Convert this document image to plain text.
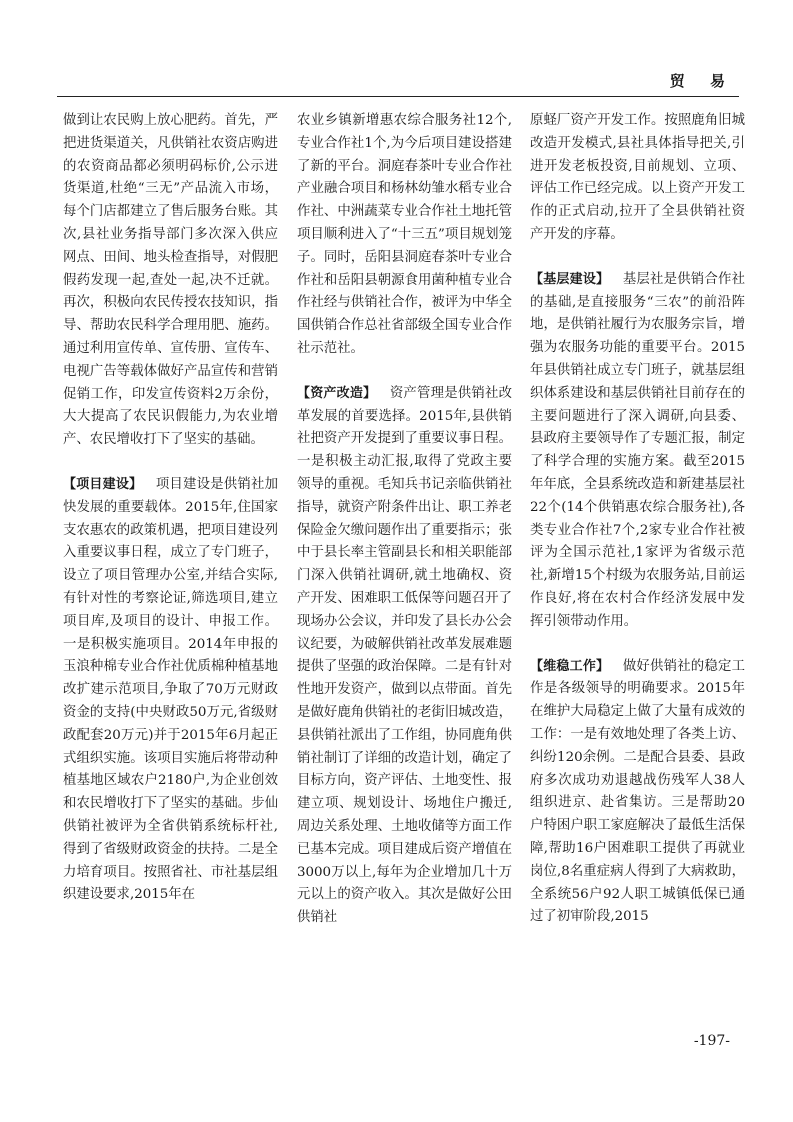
贸 易

做到让农民购上放心肥药。首先，严把进货渠道关，凡供销社农资店购进的农资商品都必须明码标价,公示进货渠道,杜绝“三无”产品流入市场，每个门店都建立了售后服务台账。其次,县社业务指导部门多次深入供应网点、田间、地头检查指导，对假肥假药发现一起,查处一起,决不迁就。再次，积极向农民传授农技知识，指导、帮助农民科学合理用肥、施药。通过利用宣传单、宣传册、宣传车、电视广告等载体做好产品宣传和营销促销工作，印发宣传资料2万余份，大大提高了农民识假能力,为农业增产、农民增收打下了坚实的基础。

【项目建设】  项目建设是供销社加快发展的重要载体。2015年,住国家支农惠农的政策机遇，把项目建设列入重要议事日程，成立了专门班子，设立了项目管理办公室,并结合实际,有针对性的考察论证,筛选项目,建立项目库,及项目的设计、申报工作。一是积极实施项目。2014年申报的玉浪种棉专业合作社优质棉种植基地改扩建示范项目,争取了70万元财政资金的支持(中央财政50万元,省级财政配套20万元)并于2015年6月起正式组织实施。该项目实施后将带动种植基地区域农户2180户,为企业创效和农民增收打下了坚实的基础。步仙供销社被评为全省供销系统标杆社,得到了省级财政资金的扶持。二是全力培育项目。按照省社、市社基层组织建设要求,2015年在

农业乡镇新增惠农综合服务社12个,专业合作社1个,为今后项目建设搭建了新的平台。洞庭春茶叶专业合作社产业融合项目和杨林幼雏水稻专业合作社、中洲蔬菜专业合作社土地托管项目顺利进入了“十三五”项目规划笼子。同时，岳阳县洞庭春茶叶专业合作社和岳阳县朝源食用菌种植专业合作社经与供销社合作，被评为中华全国供销合作总社省部级全国专业合作社示范社。

【资产改造】  资产管理是供销社改革发展的首要选择。2015年,县供销社把资产开发提到了重要议事日程。一是积极主动汇报,取得了党政主要领导的重视。毛知兵书记亲临供销社指导，就资产附条件出让、职工养老保险金欠缴问题作出了重要指示；张中于县长率主管副县长和相关职能部门深入供销社调研,就土地确权、资产开发、困难职工低保等问题召开了现场办公会议，并印发了县长办公会议纪要，为破解供销社改革发展难题提供了坚强的政治保障。二是有针对性地开发资产，做到以点带面。首先是做好鹿角供销社的老街旧城改造，县供销社派出了工作组，协同鹿角供销社制订了详细的改造计划，确定了目标方向，资产评估、土地变性、报建立项、规划设计、场地住户搬迁,周边关系处理、土地收储等方面工作已基本完成。项目建成后资产增值在3000万以上,每年为企业增加几十万元以上的资产收入。其次是做好公田供销社

原蛏厂资产开发工作。按照鹿角旧城改造开发模式,县社具体指导把关,引进开发老板投资,目前规划、立项、评估工作已经完成。以上资产开发工作的正式启动,拉开了全县供销社资产开发的序幕。

【基层建设】  基层社是供销合作社的基础,是直接服务“三农”的前沿阵地，是供销社履行为农服务宗旨，增强为农服务功能的重要平台。2015年县供销社成立专门班子，就基层组织体系建设和基层供销社目前存在的主要问题进行了深入调研,向县委、县政府主要领导作了专题汇报，制定了科学合理的实施方案。截至2015年年底，全县系统改造和新建基层社22个(14个供销惠农综合服务社),各类专业合作社7个,2家专业合作社被评为全国示范社,1家评为省级示范社,新增15个村级为农服务站,目前运作良好,将在农村合作经济发展中发挥引领带动作用。

【维稳工作】  做好供销社的稳定工作是各级领导的明确要求。2015年在维护大局稳定上做了大量有成效的工作：一是有效地处理了各类上访、纠纷120余例。二是配合县委、县政府多次成功劝退越战伤残军人38人组织进京、赴省集访。三是帮助20户特困户职工家庭解决了最低生活保障,帮助16户困难职工提供了再就业岗位,8名重症病人得到了大病救助，全系统56户92人职工城镇低保已通过了初审阶段,2015

-197-
